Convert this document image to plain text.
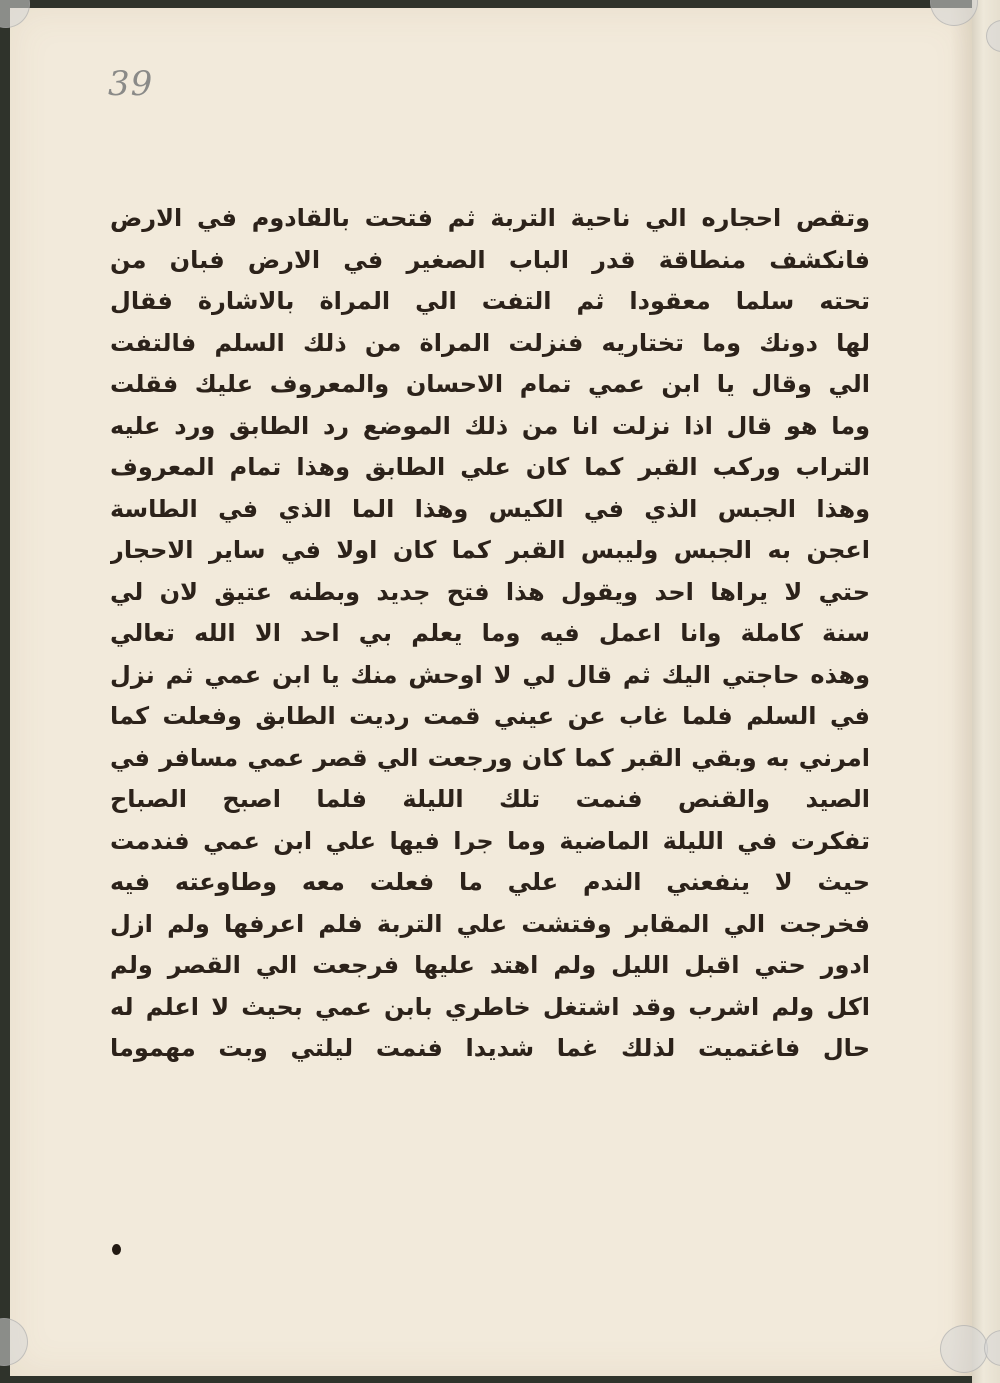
39
وتقص احجاره الي ناحية التربة ثم فتحت بالقادوم في الارض
فانكشف منطاقة قدر الباب الصغير في الارض فبان من
تحته سلما معقودا ثم التفت الي المراة بالاشارة فقال
لها دونك وما تختاريه فنزلت المراة من ذلك السلم فالتفت
الي وقال يا ابن عمي تمام الاحسان والمعروف عليك فقلت
وما هو قال اذا نزلت انا من ذلك الموضع رد الطابق ورد عليه
التراب وركب القبر كما كان علي الطابق وهذا تمام المعروف
وهذا الجبس الذي في الكيس وهذا الما الذي في الطاسة
اعجن به الجبس وليبس القبر كما كان اولا في ساير الاحجار
حتي لا يراها احد ويقول هذا فتح جديد وبطنه عتيق لان لي
سنة كاملة وانا اعمل فيه وما يعلم بي احد الا الله تعالي
وهذه حاجتي اليك ثم قال لي لا اوحش منك يا ابن عمي ثم نزل
في السلم فلما غاب عن عيني قمت رديت الطابق وفعلت كما
امرني به وبقي القبر كما كان ورجعت الي قصر عمي مسافر في
الصيد والقنص فنمت تلك الليلة فلما اصبح الصباح
تفكرت في الليلة الماضية وما جرا فيها علي ابن عمي فندمت
حيث لا ينفعني الندم علي ما فعلت معه وطاوعته فيه
فخرجت الي المقابر وفتشت علي التربة فلم اعرفها ولم ازل
ادور حتي اقبل الليل ولم اهتد عليها فرجعت الي القصر ولم
اكل ولم اشرب وقد اشتغل خاطري بابن عمي بحيث لا اعلم له
حال فاغتميت لذلك غما شديدا فنمت ليلتي وبت مهموما
